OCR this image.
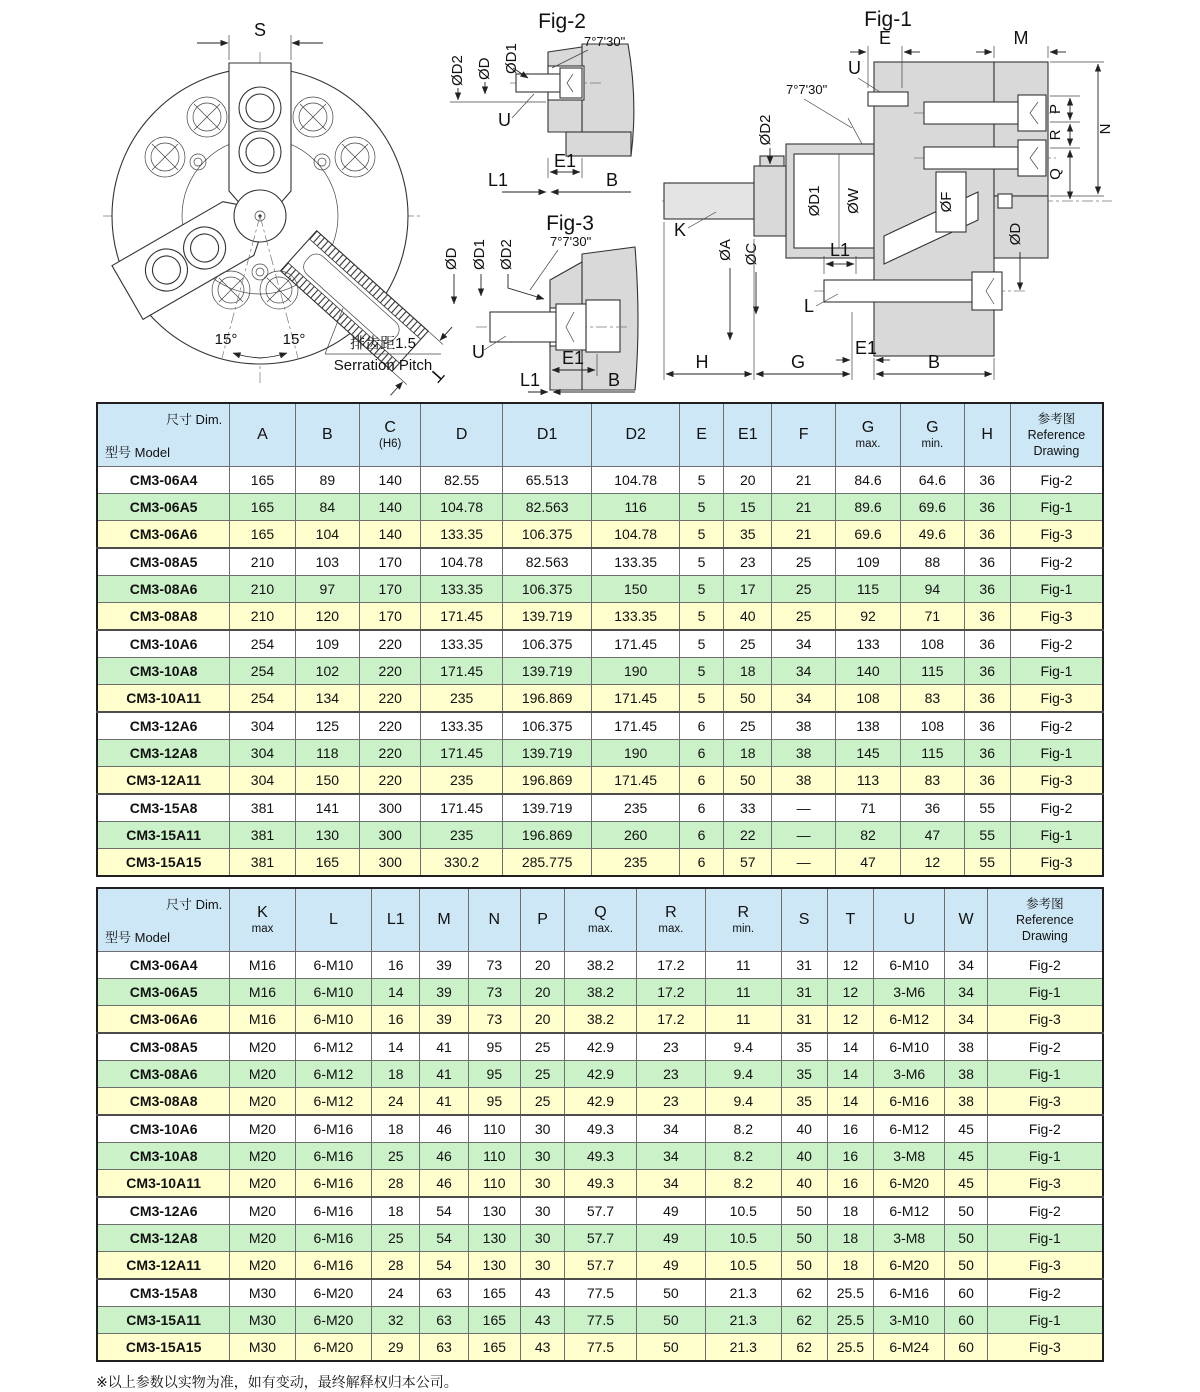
T
S
15°	15°	排齿距1.5
Serration Pitch
Fig-2
7°7'30"
ØD2 ØD ØD1
U
E1
L1	B
Fig-3
ØD ØD1 ØD2	7°7'30"
U	E1
L1	B
Fig-1
ØD1 ØW	ØF
U
7°7'30"
L
L1
K
ØD2
ØA ØC
ØD
E	M
P
R
Q
N
H	G
E1
B
尺寸 Dim.
型号 Model

A	B	C
(H6)

D	D1	D2	E	E1	F	G
max.

G
min.

H

参考图
Reference
Drawing

CM3-06A4	165	89	140	82.55	65.513	104.78	5	20	21	84.6	64.6	36	Fig-2
CM3-06A5	165	84	140	104.78	82.563	116	5	15	21	89.6	69.6	36	Fig-1
CM3-06A6	165	104	140	133.35	106.375	104.78	5	35	21	69.6	49.6	36	Fig-3
CM3-08A5	210	103	170	104.78	82.563	133.35	5	23	25	109	88	36	Fig-2
CM3-08A6	210	97	170	133.35	106.375	150	5	17	25	115	94	36	Fig-1
CM3-08A8	210	120	170	171.45	139.719	133.35	5	40	25	92	71	36	Fig-3
CM3-10A6	254	109	220	133.35	106.375	171.45	5	25	34	133	108	36	Fig-2
CM3-10A8	254	102	220	171.45	139.719	190	5	18	34	140	115	36	Fig-1
CM3-10A11	254	134	220	235	196.869	171.45	5	50	34	108	83	36	Fig-3
CM3-12A6	304	125	220	133.35	106.375	171.45	6	25	38	138	108	36	Fig-2
CM3-12A8	304	118	220	171.45	139.719	190	6	18	38	145	115	36	Fig-1
CM3-12A11	304	150	220	235	196.869	171.45	6	50	38	113	83	36	Fig-3
CM3-15A8	381	141	300	171.45	139.719	235	6	33	—	71	36	55	Fig-2
CM3-15A11	381	130	300	235	196.869	260	6	22	—	82	47	55	Fig-1
CM3-15A15	381	165	300	330.2	285.775	235	6	57	—	47	12	55	Fig-3
尺寸 Dim.
型号 Model

K
max

L	L1	M	N	P	Q
max.

R
max.

R
min.

S	T	U	W

参考图
Reference
Drawing

CM3-06A4	M16	6-M10	16	39	73	20	38.2	17.2	11	31	12	6-M10	34	Fig-2
CM3-06A5	M16	6-M10	14	39	73	20	38.2	17.2	11	31	12	3-M6	34	Fig-1
CM3-06A6	M16	6-M10	16	39	73	20	38.2	17.2	11	31	12	6-M12	34	Fig-3
CM3-08A5	M20	6-M12	14	41	95	25	42.9	23	9.4	35	14	6-M10	38	Fig-2
CM3-08A6	M20	6-M12	18	41	95	25	42.9	23	9.4	35	14	3-M6	38	Fig-1
CM3-08A8	M20	6-M12	24	41	95	25	42.9	23	9.4	35	14	6-M16	38	Fig-3
CM3-10A6	M20	6-M16	18	46	110	30	49.3	34	8.2	40	16	6-M12	45	Fig-2
CM3-10A8	M20	6-M16	25	46	110	30	49.3	34	8.2	40	16	3-M8	45	Fig-1
CM3-10A11	M20	6-M16	28	46	110	30	49.3	34	8.2	40	16	6-M20	45	Fig-3
CM3-12A6	M20	6-M16	18	54	130	30	57.7	49	10.5	50	18	6-M12	50	Fig-2
CM3-12A8	M20	6-M16	25	54	130	30	57.7	49	10.5	50	18	3-M8	50	Fig-1
CM3-12A11	M20	6-M16	28	54	130	30	57.7	49	10.5	50	18	6-M20	50	Fig-3
CM3-15A8	M30	6-M20	24	63	165	43	77.5	50	21.3	62	25.5	6-M16	60	Fig-2
CM3-15A11	M30	6-M20	32	63	165	43	77.5	50	21.3	62	25.5	3-M10	60	Fig-1
CM3-15A15	M30	6-M20	29	63	165	43	77.5	50	21.3	62	25.5	6-M24	60	Fig-3
※以上参数以实物为准，如有变动，最终解释权归本公司。
